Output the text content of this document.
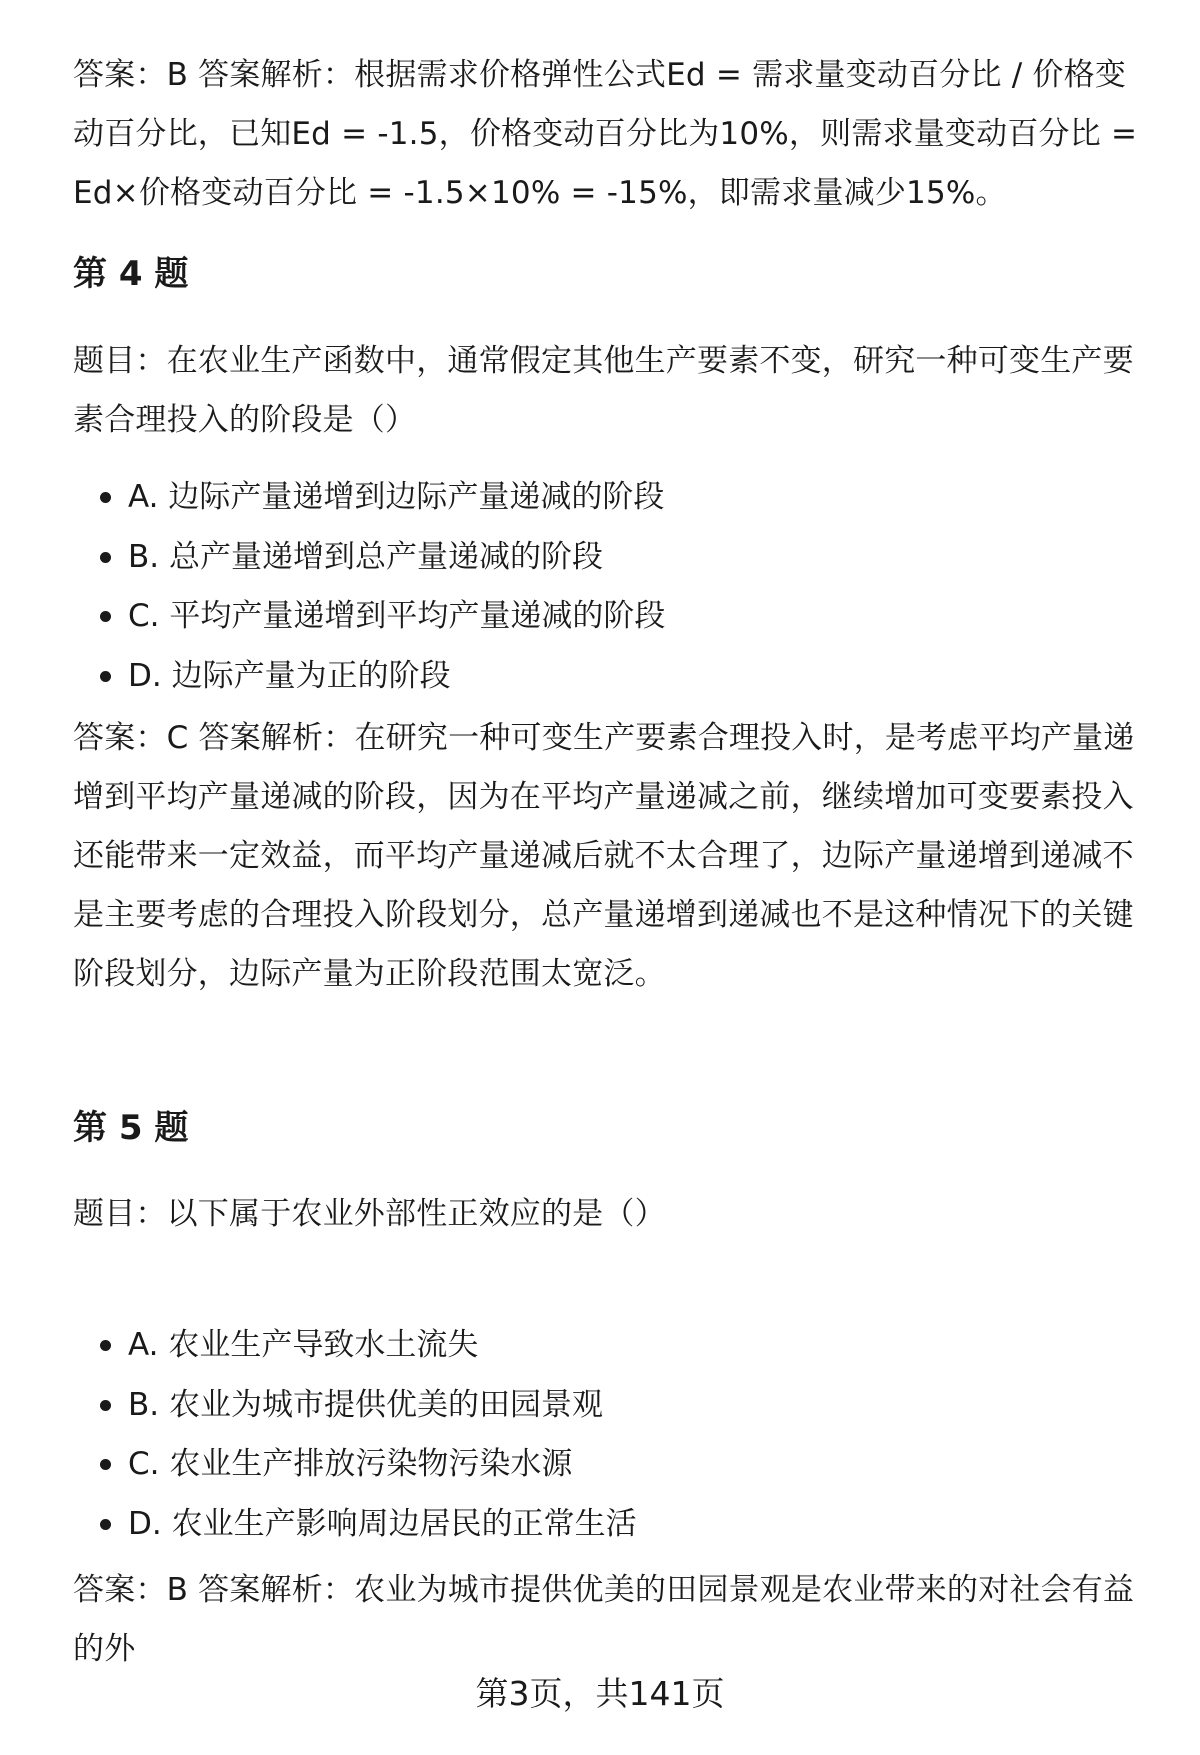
答案：B 答案解析：根据需求价格弹性公式Ed = 需求量变动百分比 / 价格变动百分比，已知Ed = -1.5，价格变动百分比为10%，则需求量变动百分比 = Ed×价格变动百分比 = -1.5×10% = -15%，即需求量减少15%。

第 4 题

题目：在农业生产函数中，通常假定其他生产要素不变，研究一种可变生产要素合理投入的阶段是（）

A. 边际产量递增到边际产量递减的阶段
B. 总产量递增到总产量递减的阶段
C. 平均产量递增到平均产量递减的阶段
D. 边际产量为正的阶段

答案：C 答案解析：在研究一种可变生产要素合理投入时，是考虑平均产量递增到平均产量递减的阶段，因为在平均产量递减之前，继续增加可变要素投入还能带来一定效益，而平均产量递减后就不太合理了，边际产量递增到递减不是主要考虑的合理投入阶段划分，总产量递增到递减也不是这种情况下的关键阶段划分，边际产量为正阶段范围太宽泛。

第 5 题

题目：以下属于农业外部性正效应的是（）

A. 农业生产导致水土流失
B. 农业为城市提供优美的田园景观
C. 农业生产排放污染物污染水源
D. 农业生产影响周边居民的正常生活

答案：B 答案解析：农业为城市提供优美的田园景观是农业带来的对社会有益的外

第3页，共141页
